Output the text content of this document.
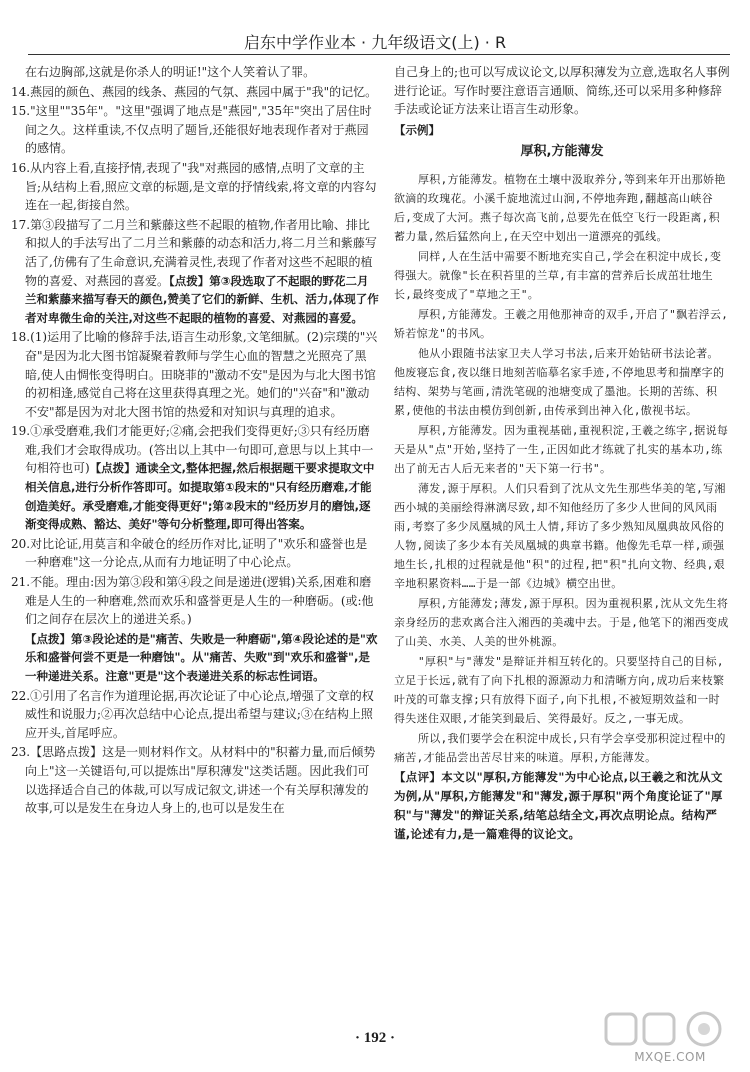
启东中学作业本 · 九年级语文(上) · R

在右边胸部,这就是你杀人的明证!"这个人笑着认了罪。

14.燕园的颜色、燕园的线条、燕园的气氛、燕园中属于"我"的记忆。

15."这里""35年"。"这里"强调了地点是"燕园","35年"突出了居住时间之久。这样重读,不仅点明了题旨,还能很好地表现作者对于燕园的感情。

16.从内容上看,直接抒情,表现了"我"对燕园的感情,点明了文章的主旨;从结构上看,照应文章的标题,是文章的抒情线索,将文章的内容勾连在一起,街接自然。

17.第③段描写了二月兰和紫藤这些不起眼的植物,作者用比喻、排比和拟人的手法写出了二月兰和紫藤的动态和活力,将二月兰和紫藤写活了,仿佛有了生命意识,充满着灵性,表现了作者对这些不起眼的植物的喜爱、对燕园的喜爱。【点拨】第③段选取了不起眼的野花二月兰和紫藤来描写春天的颜色,赞美了它们的新鲜、生机、活力,体现了作者对卑微生命的关注,对这些不起眼的植物的喜爱、对燕园的喜爱。

18.(1)运用了比喻的修辞手法,语言生动形象,文笔细腻。(2)宗璞的"兴奋"是因为北大图书馆凝聚着教师与学生心血的智慧之光照亮了黑暗,使人由惆怅变得明白。田晓菲的"激动不安"是因为与北大图书馆的初相逢,感觉自己将在这里获得真理之光。她们的"兴奋"和"激动不安"都是因为对北大图书馆的热爱和对知识与真理的追求。

19.①承受磨难,我们才能更好;②痛,会把我们变得更好;③只有经历磨难,我们才会取得成功。(答出以上其中一句即可,意思与以上其中一句相符也可)【点拨】通读全文,整体把握,然后根据题干要求提取文中相关信息,进行分析作答即可。如提取第①段末的"只有经历磨难,才能创造美好。承受磨难,才能变得更好";第②段末的"经历岁月的磨蚀,逐渐变得成熟、豁达、美好"等句分析整理,即可得出答案。

20.对比论证,用莫言和伞破仓的经历作对比,证明了"欢乐和盛誉也是一种磨难"这一分论点,从而有力地证明了中心论点。

21.不能。理由:因为第③段和第④段之间是递进(逻辑)关系,困难和磨难是人生的一种磨难,然而欢乐和盛誉更是人生的一种磨砺。(或:他们之间存在层次上的递进关系。)

【点拨】第③段论述的是"痛苦、失败是一种磨砺",第④段论述的是"欢乐和盛誉何尝不更是一种磨蚀"。从"痛苦、失败"到"欢乐和盛誉",是一种递进关系。注意"更是"这个表递进关系的标志性词语。

22.①引用了名言作为道理论据,再次论证了中心论点,增强了文章的权威性和说服力;②再次总结中心论点,提出希望与建议;③在结构上照应开头,首尾呼应。

23.【思路点拨】这是一则材料作文。从材料中的"积蓄力量,而后倾势向上"这一关键语句,可以提炼出"厚积薄发"这类话题。因此我们可以选择适合自己的体裁,可以写成记叙文,讲述一个有关厚积薄发的故事,可以是发生在身边人身上的,也可以是发生在

自己身上的;也可以写成议论文,以厚积薄发为立意,选取名人事例进行论证。写作时要注意语言通顺、简练,还可以采用多种修辞手法或论证方法来让语言生动形象。

【示例】

厚积,方能薄发

厚积,方能薄发。植物在土壤中汲取养分,等到来年开出那娇艳欲滴的玫瑰花。小溪千旋地流过山涧,不停地奔跑,翻越高山峡谷后,变成了大河。燕子每次高飞前,总要先在低空飞行一段距离,积蓄力量,然后猛然向上,在天空中划出一道漂亮的弧线。

同样,人在生活中需要不断地充实自己,学会在积淀中成长,变得强大。就像"长在积苔里的兰草,有丰富的营养后长成茁壮地生长,最终变成了"草地之王"。

厚积,方能薄发。王羲之用他那神奇的双手,开启了"飘若浮云,矫若惊龙"的书风。

他从小跟随书法家卫夫人学习书法,后来开始钻研书法论著。他废寝忘食,夜以继日地刻苦临摹名家手迹,不停地思考和揣摩字的结构、架势与笔画,清洗笔砚的池塘变成了墨池。长期的苦练、积累,使他的书法由模仿到创新,由传承到出神入化,傲视书坛。

厚积,方能薄发。因为重视基础,重视积淀,王羲之练字,据说每天是从"点"开始,坚持了一生,正因如此才练就了扎实的基本功,练出了前无古人后无来者的"天下第一行书"。

薄发,源于厚积。人们只看到了沈从文先生那些华美的笔,写湘西小城的美丽绘得淋漓尽致,却不知他经历了多少人世间的风风雨雨,考察了多少凤凰城的风土人情,拜访了多少熟知凤凰典故风俗的人物,阅读了多少本有关凤凰城的典章书籍。他像先毛草一样,顽强地生长,扎根的过程就是他"积"的过程,把"积"扎向文物、经典,艰辛地积累资料……于是一部《边城》横空出世。

厚积,方能薄发;薄发,源于厚积。因为重视积累,沈从文先生将亲身经历的悲欢离合注入湘西的美魂中去。于是,他笔下的湘西变成了山美、水美、人美的世外桃源。

"厚积"与"薄发"是辩证并相互转化的。只要坚持自己的目标,立足于长远,就有了向下扎根的源源动力和清晰方向,成功后来枝繁叶茂的可靠支撑;只有放得下面子,向下扎根,不被短期效益和一时得失迷住双眼,才能笑到最后、笑得最好。反之,一事无成。

所以,我们要学会在积淀中成长,只有学会享受那积淀过程中的痛苦,才能品尝出苦尽甘来的味道。厚积,方能薄发。

【点评】本文以"厚积,方能薄发"为中心论点,以王羲之和沈从文为例,从"厚积,方能薄发"和"薄发,源于厚积"两个角度论证了"厚积"与"薄发"的辩证关系,结笔总结全文,再次点明论点。结构严谨,论述有力,是一篇难得的议论文。

· 192 ·
MXQE.COM
